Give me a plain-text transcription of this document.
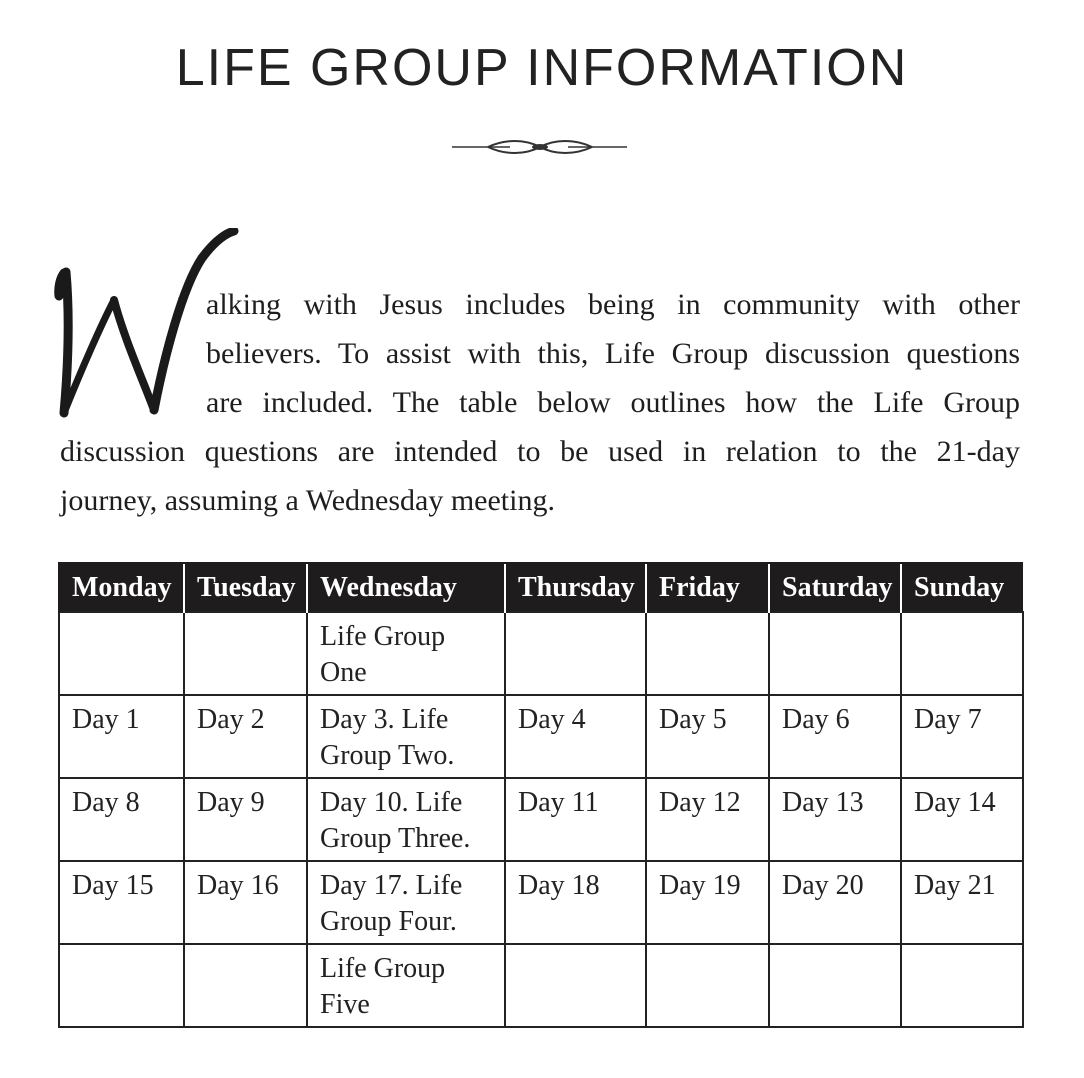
LIFE GROUP INFORMATION
alking with Jesus includes being in community with other
believers. To assist with this, Life Group discussion questions
are included. The table below outlines how the Life Group
discussion questions are intended to be used in relation to the 21-day
journey, assuming a Wednesday meeting.
Monday	Tuesday	Wednesday	Thursday	Friday	Saturday	Sunday
		Life Group One				
Day 1	Day 2	Day 3. Life Group Two.	Day 4	Day 5	Day 6	Day 7
Day 8	Day 9	Day 10. Life Group Three.	Day 11	Day 12	Day 13	Day 14
Day 15	Day 16	Day 17. Life Group Four.	Day 18	Day 19	Day 20	Day 21
		Life Group Five				
